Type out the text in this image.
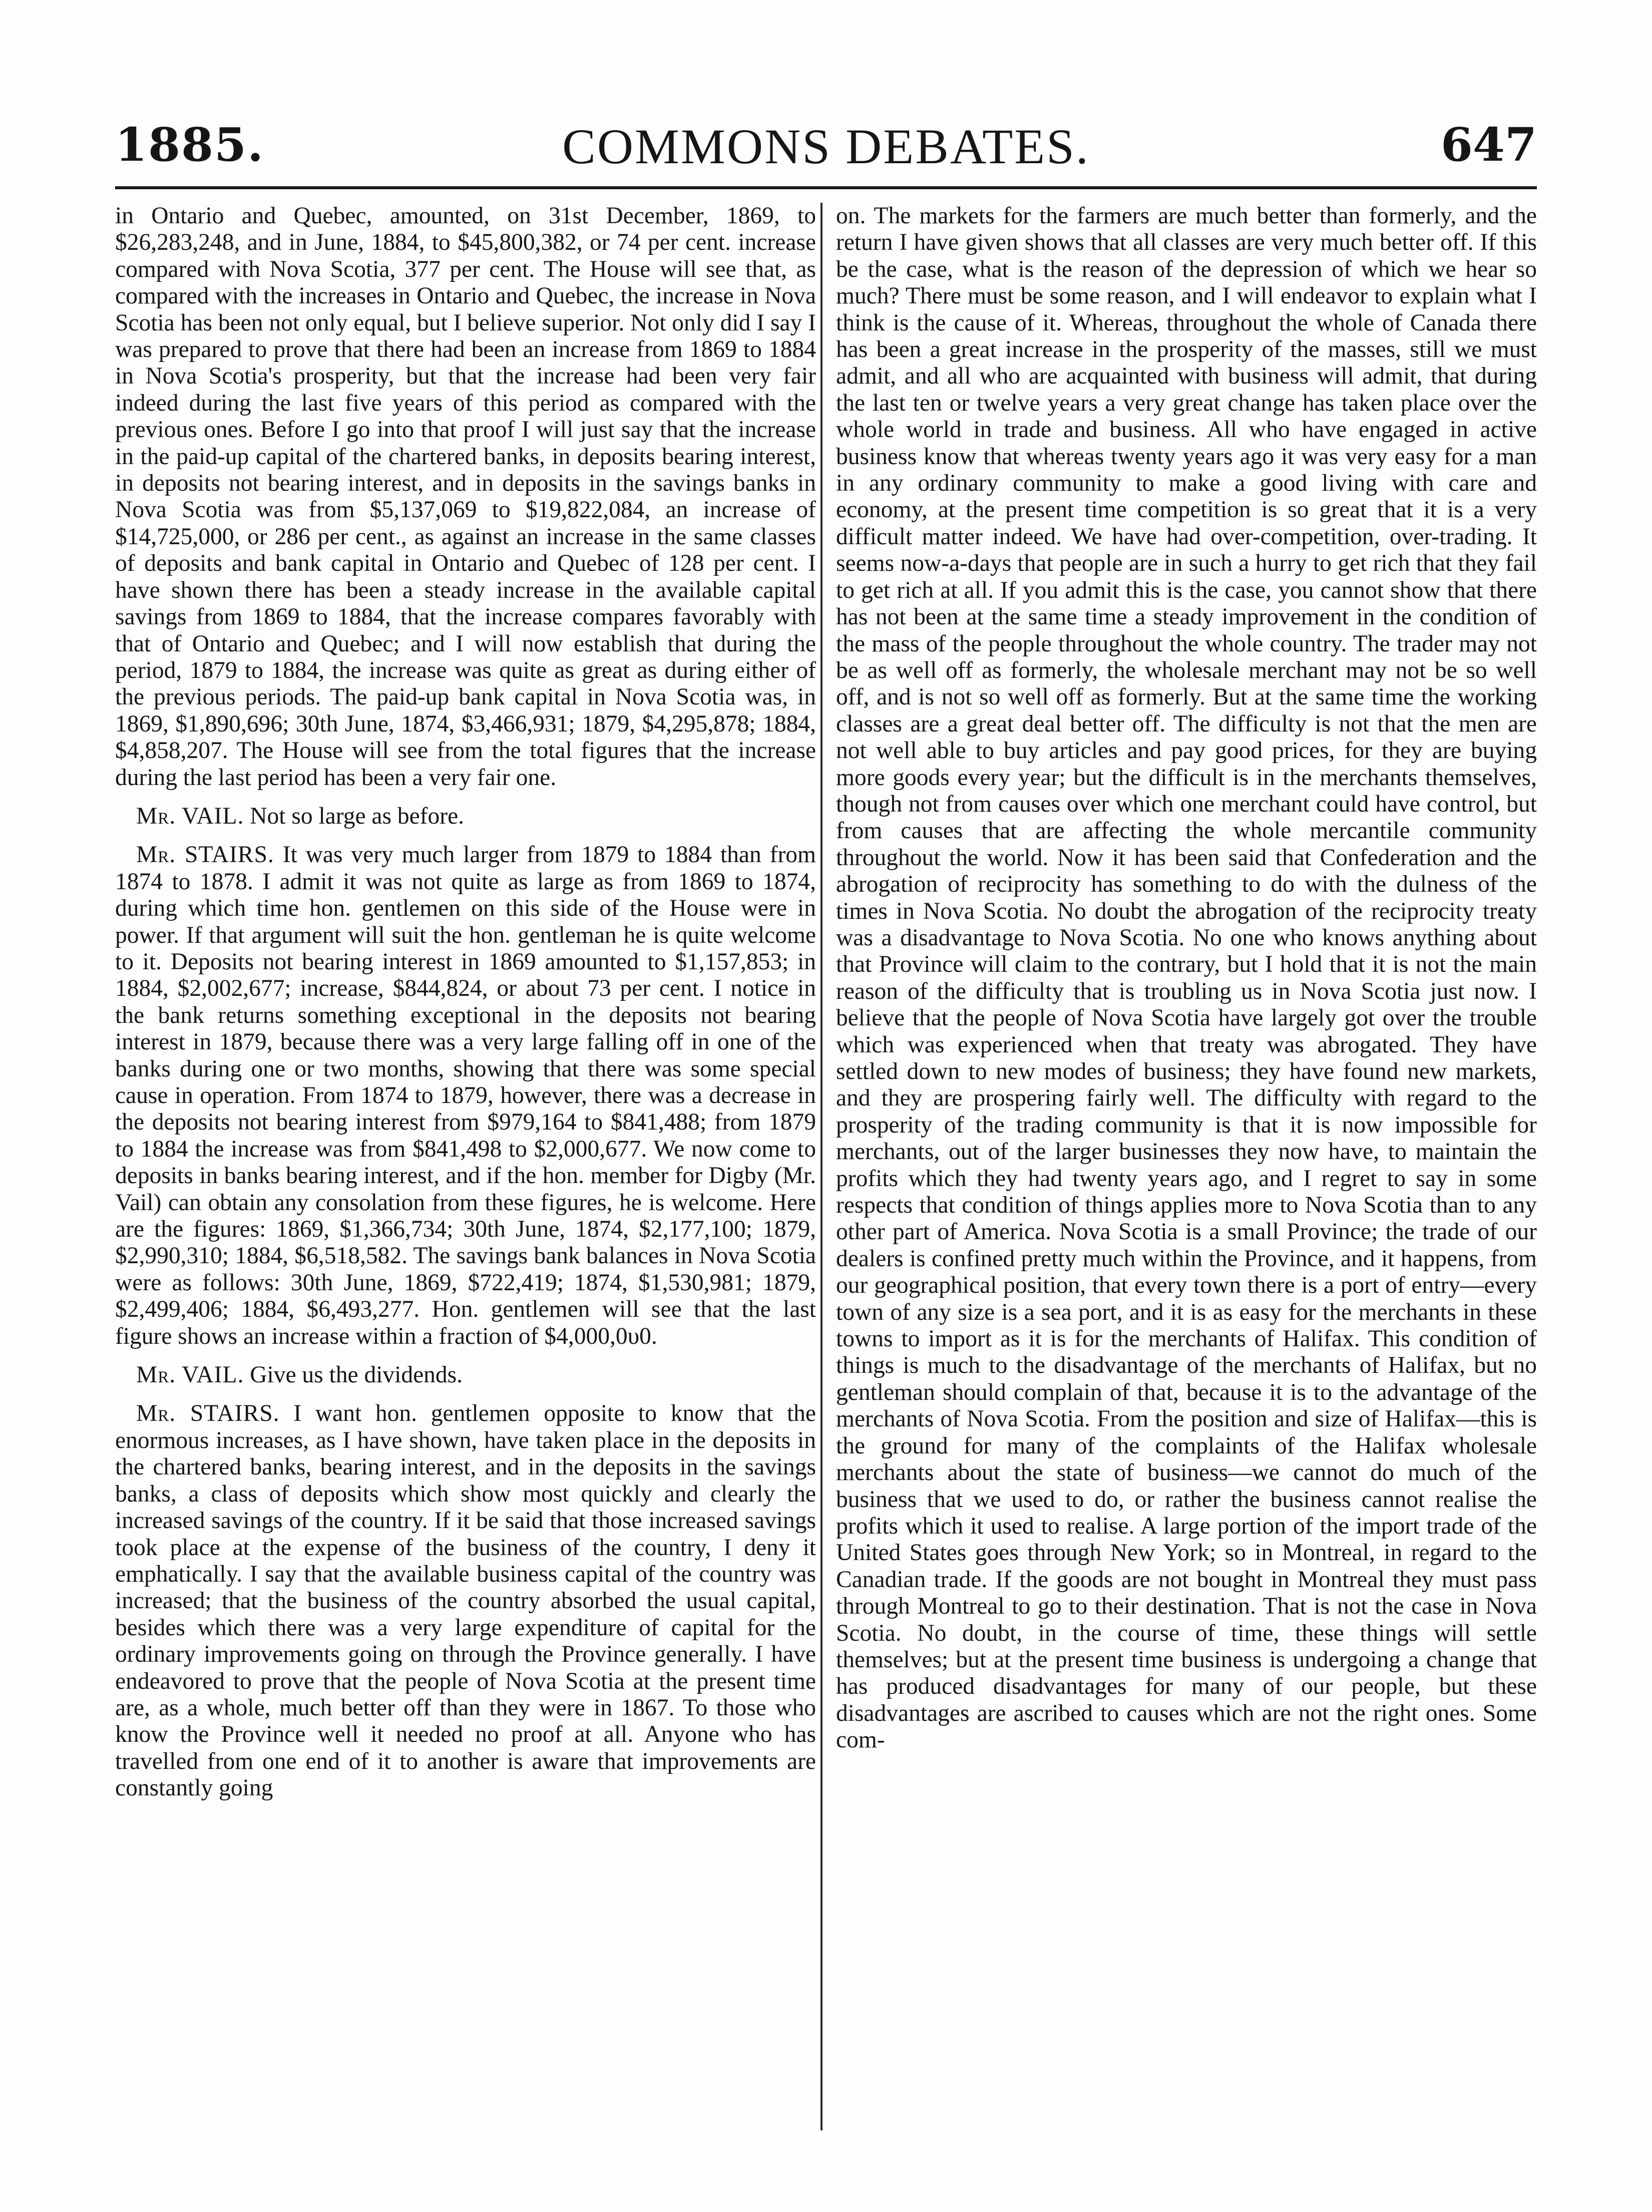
1885.	COMMONS DEBATES.	647

in Ontario and Quebec, amounted, on 31st December, 1869, to $26,283,248, and in June, 1884, to $45,800,382, or 74 per cent. increase compared with Nova Scotia, 377 per cent. The House will see that, as compared with the increases in Ontario and Quebec, the increase in Nova Scotia has been not only equal, but I believe superior. Not only did I say I was prepared to prove that there had been an increase from 1869 to 1884 in Nova Scotia's prosperity, but that the increase had been very fair indeed during the last five years of this period as compared with the previous ones. Before I go into that proof I will just say that the increase in the paid-up capital of the chartered banks, in deposits bearing interest, in deposits not bearing interest, and in deposits in the savings banks in Nova Scotia was from $5,137,069 to $19,822,084, an increase of $14,725,000, or 286 per cent., as against an increase in the same classes of deposits and bank capital in Ontario and Quebec of 128 per cent. I have shown there has been a steady increase in the available capital savings from 1869 to 1884, that the increase compares favorably with that of Ontario and Quebec; and I will now establish that during the period, 1879 to 1884, the increase was quite as great as during either of the previous periods. The paid-up bank capital in Nova Scotia was, in 1869, $1,890,696; 30th June, 1874, $3,466,931; 1879, $4,295,878; 1884, $4,858,207. The House will see from the total figures that the increase during the last period has been a very fair one.

Mr. VAIL. Not so large as before.

Mr. STAIRS. It was very much larger from 1879 to 1884 than from 1874 to 1878. I admit it was not quite as large as from 1869 to 1874, during which time hon. gentlemen on this side of the House were in power. If that argument will suit the hon. gentleman he is quite welcome to it. Deposits not bearing interest in 1869 amounted to $1,157,853; in 1884, $2,002,677; increase, $844,824, or about 73 per cent. I notice in the bank returns something exceptional in the deposits not bearing interest in 1879, because there was a very large falling off in one of the banks during one or two months, showing that there was some special cause in operation. From 1874 to 1879, however, there was a decrease in the deposits not bearing interest from $979,164 to $841,488; from 1879 to 1884 the increase was from $841,498 to $2,000,677. We now come to deposits in banks bearing interest, and if the hon. member for Digby (Mr. Vail) can obtain any consolation from these figures, he is welcome. Here are the figures: 1869, $1,366,734; 30th June, 1874, $2,177,100; 1879, $2,990,310; 1884, $6,518,582. The savings bank balances in Nova Scotia were as follows: 30th June, 1869, $722,419; 1874, $1,530,981; 1879, $2,499,406; 1884, $6,493,277. Hon. gentlemen will see that the last figure shows an increase within a fraction of $4,000,0υ0.

Mr. VAIL. Give us the dividends.

Mr. STAIRS. I want hon. gentlemen opposite to know that the enormous increases, as I have shown, have taken place in the deposits in the chartered banks, bearing interest, and in the deposits in the savings banks, a class of deposits which show most quickly and clearly the increased savings of the country. If it be said that those increased savings took place at the expense of the business of the country, I deny it emphatically. I say that the available business capital of the country was increased; that the business of the country absorbed the usual capital, besides which there was a very large expenditure of capital for the ordinary improvements going on through the Province generally. I have endeavored to prove that the people of Nova Scotia at the present time are, as a whole, much better off than they were in 1867. To those who know the Province well it needed no proof at all. Anyone who has travelled from one end of it to another is aware that improvements are constantly going

on. The markets for the farmers are much better than formerly, and the return I have given shows that all classes are very much better off. If this be the case, what is the reason of the depression of which we hear so much? There must be some reason, and I will endeavor to explain what I think is the cause of it. Whereas, throughout the whole of Canada there has been a great increase in the prosperity of the masses, still we must admit, and all who are acquainted with business will admit, that during the last ten or twelve years a very great change has taken place over the whole world in trade and business. All who have engaged in active business know that whereas twenty years ago it was very easy for a man in any ordinary community to make a good living with care and economy, at the present time competition is so great that it is a very difficult matter indeed. We have had over-competition, over-trading. It seems now-a-days that people are in such a hurry to get rich that they fail to get rich at all. If you admit this is the case, you cannot show that there has not been at the same time a steady improvement in the condition of the mass of the people throughout the whole country. The trader may not be as well off as formerly, the wholesale merchant may not be so well off, and is not so well off as formerly. But at the same time the working classes are a great deal better off. The difficulty is not that the men are not well able to buy articles and pay good prices, for they are buying more goods every year; but the difficult is in the merchants themselves, though not from causes over which one merchant could have control, but from causes that are affecting the whole mercantile community throughout the world. Now it has been said that Confederation and the abrogation of reciprocity has something to do with the dulness of the times in Nova Scotia. No doubt the abrogation of the reciprocity treaty was a disadvantage to Nova Scotia. No one who knows anything about that Province will claim to the contrary, but I hold that it is not the main reason of the difficulty that is troubling us in Nova Scotia just now. I believe that the people of Nova Scotia have largely got over the trouble which was experienced when that treaty was abrogated. They have settled down to new modes of business; they have found new markets, and they are prospering fairly well. The difficulty with regard to the prosperity of the trading community is that it is now impossible for merchants, out of the larger businesses they now have, to maintain the profits which they had twenty years ago, and I regret to say in some respects that condition of things applies more to Nova Scotia than to any other part of America. Nova Scotia is a small Province; the trade of our dealers is confined pretty much within the Province, and it happens, from our geographical position, that every town there is a port of entry—every town of any size is a sea port, and it is as easy for the merchants in these towns to import as it is for the merchants of Halifax. This condition of things is much to the disadvantage of the merchants of Halifax, but no gentleman should complain of that, because it is to the advantage of the merchants of Nova Scotia. From the position and size of Halifax—this is the ground for many of the complaints of the Halifax wholesale merchants about the state of business—we cannot do much of the business that we used to do, or rather the business cannot realise the profits which it used to realise. A large portion of the import trade of the United States goes through New York; so in Montreal, in regard to the Canadian trade. If the goods are not bought in Montreal they must pass through Montreal to go to their destination. That is not the case in Nova Scotia. No doubt, in the course of time, these things will settle themselves; but at the present time business is undergoing a change that has produced disadvantages for many of our people, but these disadvantages are ascribed to causes which are not the right ones. Some com-
